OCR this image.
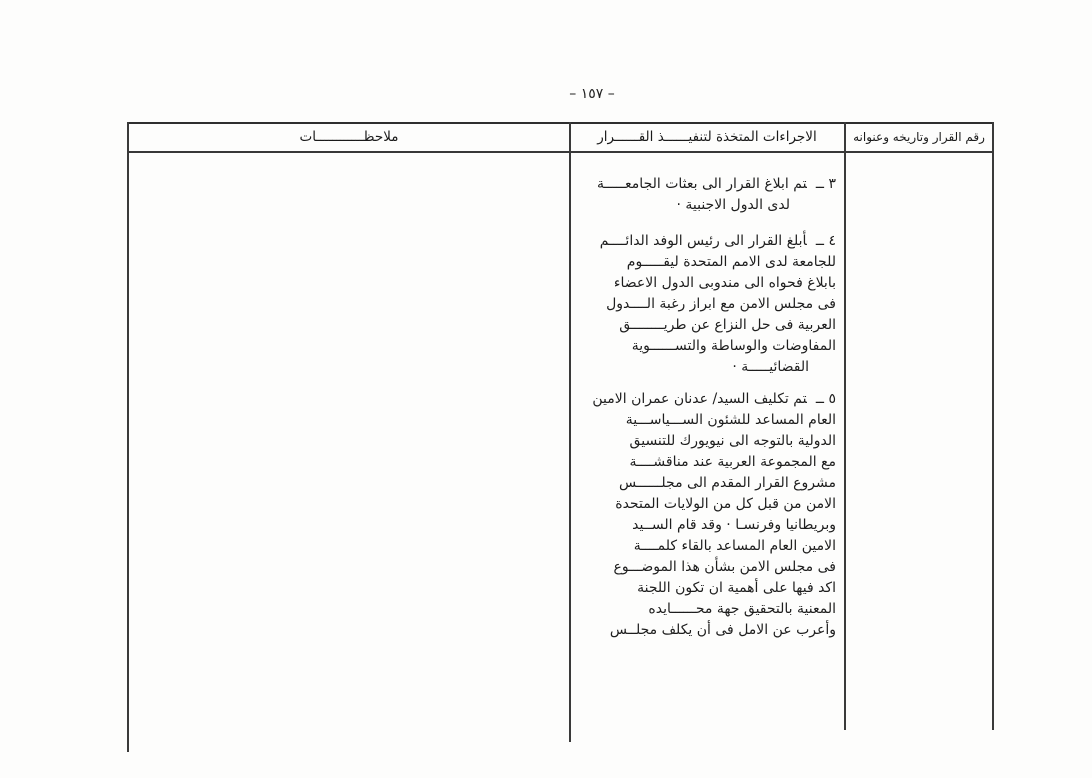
– ١٥٧ –
ملاحظــــــــــــات	الاجراءات المتخذة لتنفيــــــذ القــــــرار	رقم القرار وتاريخه وعنوانه
٣ ــتم ابلاغ القرار الى بعثات الجامعـــــة
لدى الدول الاجنبية ·
٤ ــأبلغ القرار الى رئيس الوفد الدائــــم
للجامعة لدى الامم المتحدة ليقـــــوم
بابلاغ فحواه الى مندوبى الدول الاعضاء
فى مجلس الامن مع ابراز رغبة الــــدول
العربية فى حل النزاع عن طريــــــــق
المفاوضات والوساطة والتســــــوية
القضائيـــــة ·
٥ ــتم تكليف السيد/ عدنان عمران الامين
العام المساعد للشئون الســـياســـية
الدولية بالتوجه الى نيويورك للتنسيق
مع المجموعة العربية عند مناقشــــة
مشروع القرار المقدم الى مجلــــــس
الامن من قبل كل من الولايات المتحدة
وبريطانيا وفرنسـا · وقد قام الســيد
الامين العام المساعد بالقاء كلمــــة
فى مجلس الامن بشأن هذا الموضـــوع
اكد فيها على أهمية ان تكون اللجنة
المعنية بالتحقيق جهة محــــــايده
وأعرب عن الامل فى أن يكلف مجلــس
